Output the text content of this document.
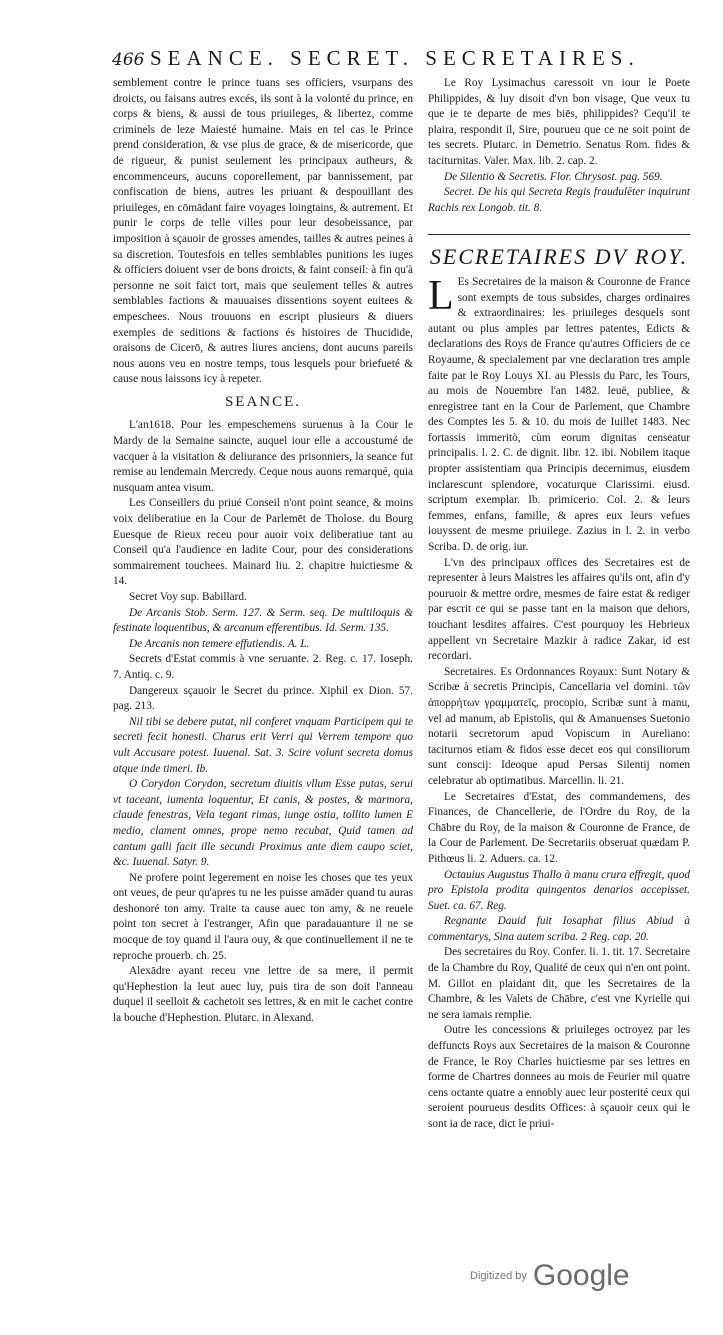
466 SEANCE. SECRET. SECRETAIRES.

semblement contre le prince tuans ses officiers, vsurpans des droicts, ou faisans autres excés, ils sont à la volonté du prince, en corps & biens, & aussi de tous priuileges, & libertez, comme criminels de leze Maiesté humaine. Mais en tel cas le Prince prend consideration, & vse plus de grace, & de misericorde, que de rigueur, & punist seulement les principaux autheurs, & encommenceurs, aucuns coporellement, par bannissement, par confiscation de biens, autres les priuant & despouillant des priuileges, en cōmādant faire voyages loingtains, & autrement. Et punir le corps de telle villes pour leur desobeissance, par imposition à sçauoir de grosses amendes, tailles & autres peines à sa discretion. Toutesfois en telles semblables punitions les iuges & officiers doiuent vser de bons droicts, & faint conseil: à fin qu'à personne ne soit faict tort, mais que seulement telles & autres semblables factions & mauuaises dissentions soyent euitees & empeschees. Nous trouuons en escript plusieurs & diuers exemples de seditions & factions és histoires de Thucidide, oraisons de Cicerō, & autres liures anciens, dont aucuns pareils nous auons veu en nostre temps, tous lesquels pour briefueté & cause nous laissons icy à repeter.

SEANCE.

L'an1618. Pour les empeschemens suruenus à la Cour le Mardy de la Semaine saincte, auquel iour elle a accoustumé de vacquer à la visitation & deliurance des prisonniers, la seance fut remise au lendemain Mercredy. Ceque nous auons remarqué, quia nusquam antea visum.

Les Conseillers du priué Conseil n'ont point seance, & moins voix deliberatiue en la Cour de Parlemēt de Tholose. du Bourg Euesque de Rieux receu pour auoir voix deliberatiue tant au Conseil qu'a l'audience en ladite Cour, pour des considerations sommairement touchees. Mainard liu. 2. chapitre huictiesme & 14.

Secret Voy sup. Babillard.

De Arcanis Stob. Serm. 127. & Serm. seq. De multiloquis & festinate loquentibus, & arcanum efferentibus. Id. Serm. 135.

De Arcanis non temere effutiendis. A. L.

Secrets d'Estat commis à vne seruante. 2. Reg. c. 17. Ioseph. 7. Antiq. c. 9.

Dangereux sçauoir le Secret du prince. Xiphil ex Dion. 57. pag. 213.

Nil tibi se debere putat, nil conferet vnquam Participem qui te secreti fecit honesti. Charus erit Verri qui Verrem tempore quo vult Accusare potest. Iuuenal. Sat. 3. Scire volunt secreta domus atque inde timeri. Ib.

O Corydon Corydon, secretum diuitis vllum Esse putas, serui vt taceant, iumenta loquentur, Et canis, & postes, & marmora, claude fenestras, Vela tegant rimas, iunge ostia, tollito lumen E medio, clament omnes, prope nemo recubat, Quid tamen ad cantum galli facit ille secundi Proximus ante diem caupo sciet, &c. Iuuenal. Satyr. 9.

Ne profere point legerement en noise les choses que tes yeux ont veues, de peur qu'apres tu ne les puisse amāder quand tu auras deshonoré ton amy. Traite ta cause auec ton amy, & ne reuele point ton secret à l'estranger, Afin que paradauanture il ne se mocque de toy quand il l'aura ouy, & que continuellement il ne te reproche prouerb. ch. 25.

Alexādre ayant receu vne lettre de sa mere, il permit qu'Hephestion la leut auec luy, puis tira de son doit l'anneau duquel il seelloit & cachetoit ses lettres, & en mit le cachet contre la bouche d'Hephestion. Plutarc. in Alexand.

Le Roy Lysimachus caressoit vn iour le Poete Philippides, & luy disoit d'vn bon visage, Que veux tu que ie te departe de mes biēs, philippides? Cequ'il te plaira, respondit il, Sire, pourueu que ce ne soit point de tes secrets. Plutarc. in Demetrio. Senatus Rom. fides & taciturnitas. Valer. Max. lib. 2. cap. 2.

De Silentio & Secretis. Flor. Chrysost. pag. 569.

Secret. De his qui Secreta Regis fraudulēter inquirunt Rachis rex Longob. tit. 8.

SECRETAIRES DV ROY.

L Es Secretaires de la maison & Couronne de France sont exempts de tous subsides, charges ordinaires & extraordinaires: les priuileges desquels sont autant ou plus amples par lettres patentes, Edicts & declarations des Roys de France qu'autres Officiers de ce Royaume, & specialement par vne declaration tres ample faite par le Roy Louys XI. au Plessis du Parc, les Tours, au mois de Nouembre l'an 1482. leuë, publiee, & enregistree tant en la Cour de Parlement, que Chambre des Comptes les 5. & 10. du mois de Iuillet 1483. Nec fortassis immeritò, cùm eorum dignitas censeatur principalis. l. 2. C. de dignit. libr. 12. ibi. Nobilem itaque propter assistentiam qua Principis decernimus, eiusdem inclarescunt splendore, vocaturque Clarissimi. eiusd. scriptum exemplar. Ib. primicerio. Col. 2. & leurs femmes, enfans, famille, & apres eux leurs vefues iouyssent de mesme priuilege. Zazius in l. 2. in verbo Scriba. D. de orig. iur.

L'vn des principaux offices des Secretaires est de representer à leurs Maistres les affaires qu'ils ont, afin d'y pouruoir & mettre ordre, mesmes de faire estat & rediger par escrit ce qui se passe tant en la maison que dehors, touchant lesdites affaires. C'est pourquoy les Hebrieux appellent vn Secretaire Mazkir à radice Zakar, id est recordari.

Secretaires. Es Ordonnances Royaux: Sunt Notary & Scribæ à secretis Principis, Cancellaria vel domini. τῶν ἀπορρήτων γραμματεῖς, procopio, Scribæ sunt à manu, vel ad manum, ab Epistolis, qui & Amanuenses Suetonio notarii secretorum apud Vopiscum in Aureliano: taciturnos etiam & fidos esse decet eos qui consiliorum sunt conscij: Ideoque apud Persas Silentij nomen celebratur ab optimatibus. Marcellin. li. 21.

Le Secretaires d'Estat, des commandemens, des Finances, de Chancellerie, de l'Ordre du Roy, de la Chābre du Roy, de la maison & Couronne de France, de la Cour de Parlement. De Secretariis obseruat quædam P. Pithœus li. 2. Aduers. ca. 12.

Octauius Augustus Thallo à manu crura effregit, quod pro Epistola prodita quingentos denarios accepisset. Suet. ca. 67. Reg.

Regnante Dauid fuit Iosaphat filius Abiud à commentarys, Sina autem scriba. 2 Reg. cap. 20.

Des secretaires du Roy. Confer. li. 1. tit. 17. Secretaire de la Chambre du Roy, Qualité de ceux qui n'en ont point. M. Gillot en plaidant dit, que les Secretaires de la Chambre, & les Valets de Chābre, c'est vne Kyrielle qui ne sera iamais remplie.

Outre les concessions & priuileges octroyez par les deffuncts Roys aux Secretaires de la maison & Couronne de France, le Roy Charles huictiesme par ses lettres en forme de Chartres donnees au mois de Feurier mil quatre cens octante quatre a ennobly auec leur posterité ceux qui seroient pourueus desdits Offices: à sçauoir ceux qui le sont ia de race, dict le priui-

Digitized by Google
